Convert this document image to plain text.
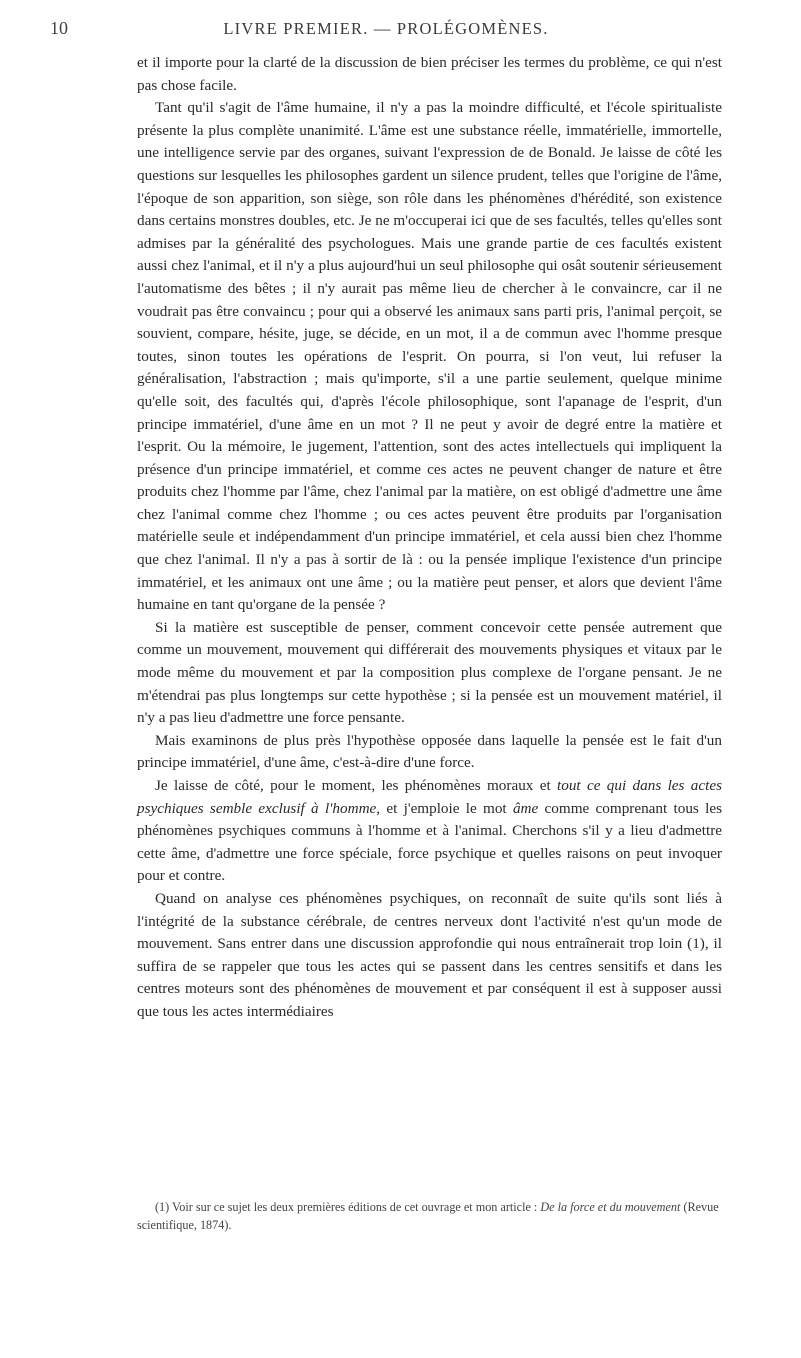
10	LIVRE PREMIER. — PROLÉGOMÈNES.

et il importe pour la clarté de la discussion de bien préciser les termes du problème, ce qui n'est pas chose facile.

Tant qu'il s'agit de l'âme humaine, il n'y a pas la moindre difficulté, et l'école spiritualiste présente la plus complète unanimité. L'âme est une substance réelle, immatérielle, immortelle, une intelligence servie par des organes, suivant l'expression de de Bonald. Je laisse de côté les questions sur lesquelles les philosophes gardent un silence prudent, telles que l'origine de l'âme, l'époque de son apparition, son siège, son rôle dans les phénomènes d'hérédité, son existence dans certains monstres doubles, etc. Je ne m'occuperai ici que de ses facultés, telles qu'elles sont admises par la généralité des psychologues. Mais une grande partie de ces facultés existent aussi chez l'animal, et il n'y a plus aujourd'hui un seul philosophe qui osât soutenir sérieusement l'automatisme des bêtes ; il n'y aurait pas même lieu de chercher à le convaincre, car il ne voudrait pas être convaincu ; pour qui a observé les animaux sans parti pris, l'animal perçoit, se souvient, compare, hésite, juge, se décide, en un mot, il a de commun avec l'homme presque toutes, sinon toutes les opérations de l'esprit. On pourra, si l'on veut, lui refuser la généralisation, l'abstraction ; mais qu'importe, s'il a une partie seulement, quelque minime qu'elle soit, des facultés qui, d'après l'école philosophique, sont l'apanage de l'esprit, d'un principe immatériel, d'une âme en un mot ? Il ne peut y avoir de degré entre la matière et l'esprit. Ou la mémoire, le jugement, l'attention, sont des actes intellectuels qui impliquent la présence d'un principe immatériel, et comme ces actes ne peuvent changer de nature et être produits chez l'homme par l'âme, chez l'animal par la matière, on est obligé d'admettre une âme chez l'animal comme chez l'homme ; ou ces actes peuvent être produits par l'organisation matérielle seule et indépendamment d'un principe immatériel, et cela aussi bien chez l'homme que chez l'animal. Il n'y a pas à sortir de là : ou la pensée implique l'existence d'un principe immatériel, et les animaux ont une âme ; ou la matière peut penser, et alors que devient l'âme humaine en tant qu'organe de la pensée ?

Si la matière est susceptible de penser, comment concevoir cette pensée autrement que comme un mouvement, mouvement qui différerait des mouvements physiques et vitaux par le mode même du mouvement et par la composition plus complexe de l'organe pensant. Je ne m'étendrai pas plus longtemps sur cette hypothèse ; si la pensée est un mouvement matériel, il n'y a pas lieu d'admettre une force pensante.

Mais examinons de plus près l'hypothèse opposée dans laquelle la pensée est le fait d'un principe immatériel, d'une âme, c'est-à-dire d'une force.

Je laisse de côté, pour le moment, les phénomènes moraux et tout ce qui dans les actes psychiques semble exclusif à l'homme, et j'emploie le mot âme comme comprenant tous les phénomènes psychiques communs à l'homme et à l'animal. Cherchons s'il y a lieu d'admettre cette âme, d'admettre une force spéciale, force psychique et quelles raisons on peut invoquer pour et contre.

Quand on analyse ces phénomènes psychiques, on reconnaît de suite qu'ils sont liés à l'intégrité de la substance cérébrale, de centres nerveux dont l'activité n'est qu'un mode de mouvement. Sans entrer dans une discussion approfondie qui nous entraînerait trop loin (1), il suffira de se rappeler que tous les actes qui se passent dans les centres sensitifs et dans les centres moteurs sont des phénomènes de mouvement et par conséquent il est à supposer aussi que tous les actes intermédiaires

(1) Voir sur ce sujet les deux premières éditions de cet ouvrage et mon article : De la force et du mouvement (Revue scientifique, 1874).
